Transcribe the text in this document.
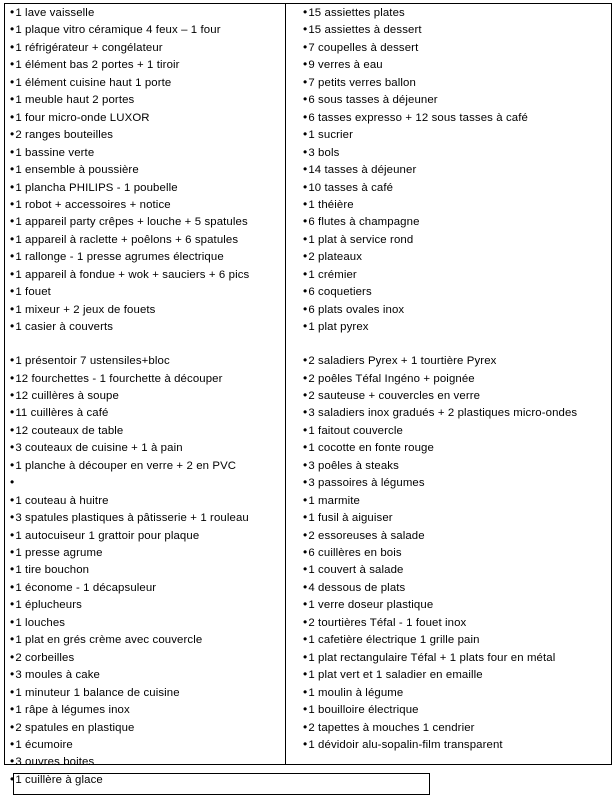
•1 lave vaisselle
•1 plaque vitro céramique 4 feux – 1 four
•1 réfrigérateur + congélateur
•1 élément bas 2 portes + 1 tiroir
•1 élément cuisine haut 1 porte
•1 meuble haut 2 portes
•1 four micro-onde LUXOR
•2 ranges bouteilles
•1 bassine verte
•1 ensemble à poussière
•1 plancha PHILIPS - 1 poubelle
•1 robot + accessoires + notice
•1 appareil party crêpes + louche + 5 spatules
•1 appareil à raclette + poêlons + 6 spatules
•1 rallonge - 1 presse agrumes électrique
•1 appareil à fondue + wok + sauciers + 6 pics
•1 fouet
•1 mixeur + 2 jeux de fouets
•1 casier à couverts
•1 présentoir 7 ustensiles+bloc
•12 fourchettes - 1 fourchette à découper
•12 cuillères à soupe
•11 cuillères à café
•12 couteaux de table
•3 couteaux de cuisine + 1 à pain
•1 planche à découper en verre + 2 en PVC
•
•1 couteau à huitre
•3 spatules plastiques à pâtisserie + 1 rouleau
•1 autocuiseur 1 grattoir pour plaque
•1 presse agrume
•1 tire bouchon
•1 économe - 1 décapsuleur
•1 éplucheurs
•1 louches
•1 plat en grés crème avec couvercle
•2 corbeilles
•3 moules à cake
•1 minuteur 1 balance de cuisine
•1 râpe à légumes inox
•2 spatules en plastique
•1 écumoire
•3 ouvres boites
•1 cuillère à glace
•15 assiettes plates
•15 assiettes à dessert
•7 coupelles à dessert
•9 verres à eau
•7 petits verres ballon
•6 sous tasses à déjeuner
•6 tasses expresso + 12 sous tasses à café
•1 sucrier
•3 bols
•14 tasses à déjeuner
•10 tasses à café
•1 théière
•6 flutes à champagne
•1 plat à service rond
•2 plateaux
•1 crémier
•6 coquetiers
•6 plats ovales inox
•1 plat pyrex
•2 saladiers Pyrex + 1 tourtière Pyrex
•2 poêles Téfal Ingéno + poignée
•2 sauteuse + couvercles en verre
•3 saladiers inox gradués + 2 plastiques micro-ondes
•1 faitout couvercle
•1 cocotte en fonte rouge
•3 poêles à steaks
•3 passoires à légumes
•1 marmite
•1 fusil à aiguiser
•2 essoreuses à salade
•6 cuillères en bois
•1 couvert à salade
•4 dessous de plats
•1 verre doseur plastique
•2 tourtières Téfal - 1 fouet inox
•1 cafetière électrique 1 grille pain
•1 plat rectangulaire Téfal + 1 plats four en métal
•1 plat vert et 1 saladier en emaille
•1 moulin à légume
•1 bouilloire électrique
•2 tapettes à mouches 1 cendrier
•1 dévidoir alu-sopalin-film transparent
